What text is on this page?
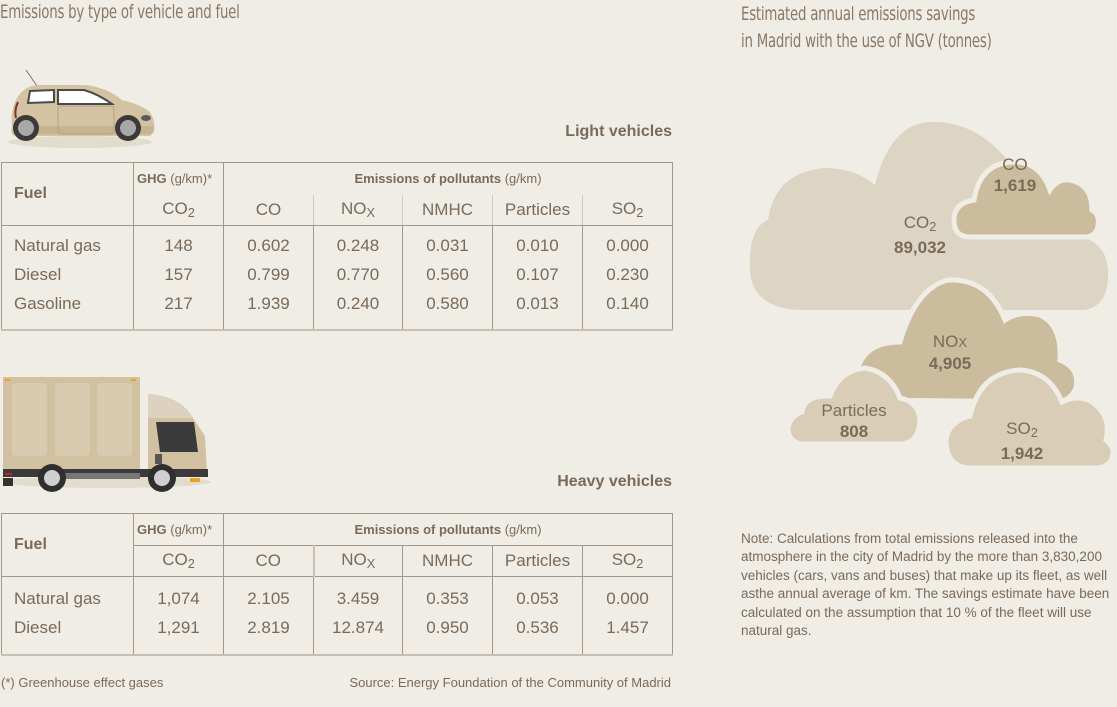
Emissions by type of vehicle and fuel
Light vehicles
Fuel	GHG (g/km)*	Emissions of pollutants (g/km)				
	$CO_2$	CO	$NO_X$	NMHC	Particles	$SO_2$

Natural gas	148	0.602	0.248	0.031	0.010	0.000
Diesel	157	0.799	0.770	0.560	0.107	0.230
Gasoline	217	1.939	0.240	0.580	0.013	0.140

Heavy vehicles
Fuel	GHG (g/km)*	Emissions of pollutants (g/km)				
	$CO_2$	CO	$NO_X$	NMHC	Particles	$SO_2$

Natural gas	1,074	2.105	3.459	0.353	0.053	0.000
Diesel	1,291	2.819	12.874	0.950	0.536	1.457

(*) Greenhouse effect gases	Source: Energy Foundation of the Community of Madrid
Estimated annual emissions savings
in Madrid with the use of NGV (tonnes)
$CO_2$
89,032
CO
1,619
NOX
4,905
Particles
808	$SO_2$
1,942
Note: Calculations from total emissions released into the atmosphere in the city of Madrid by the more than 3,830,200 vehicles (cars, vans and buses) that make up its fleet, as well asthe annual average of km. The savings estimate have been calculated on the assumption that 10 % of the fleet will use natural gas.
